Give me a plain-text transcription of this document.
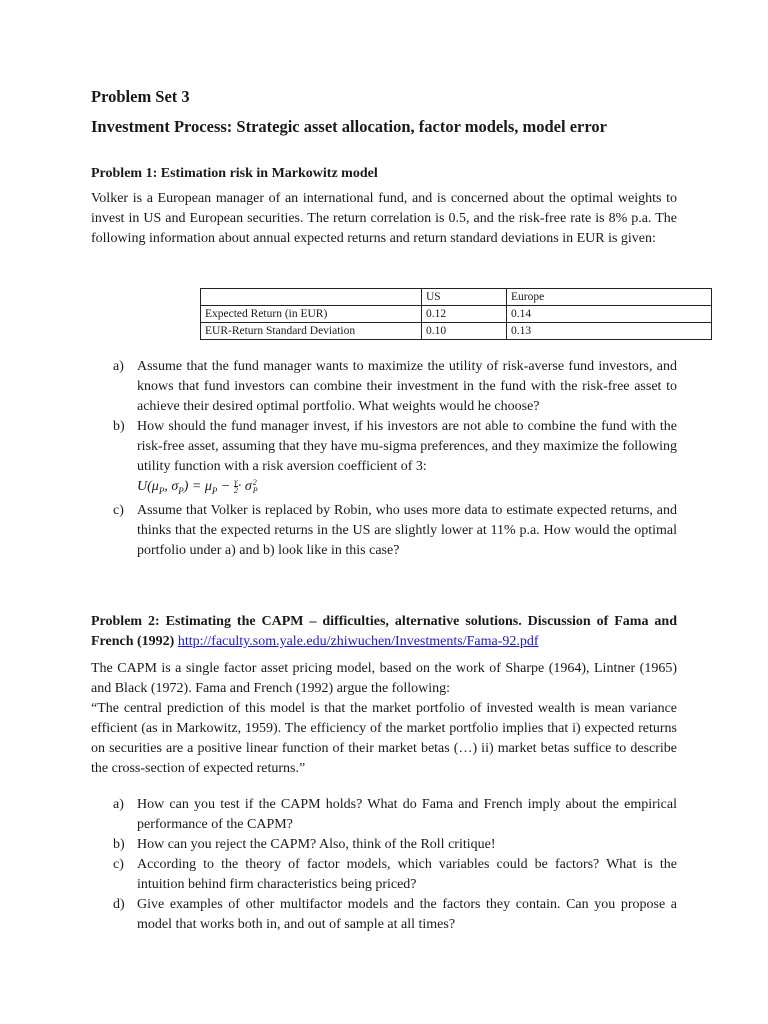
Problem Set 3
Investment Process: Strategic asset allocation, factor models, model error
Problem 1: Estimation risk in Markowitz model
Volker is a European manager of an international fund, and is concerned about the optimal weights to invest in US and European securities. The return correlation is 0.5, and the risk-free rate is 8% p.a. The following information about annual expected returns and return standard deviations in EUR is given:
	US	Europe
Expected Return (in EUR)	0.12	0.14
EUR-Return Standard Deviation	0.10	0.13
a) Assume that the fund manager wants to maximize the utility of risk-averse fund investors, and knows that fund investors can combine their investment in the fund with the risk-free asset to achieve their desired optimal portfolio. What weights would he choose?
b) How should the fund manager invest, if his investors are not able to combine the fund with the risk-free asset, assuming that they have mu-sigma preferences, and they maximize the following utility function with a risk aversion coefficient of 3:
$U(\mu_P$, $\sigma_P) = \mu_P - \frac{\gamma}{2} \cdot \sigma$ 2
P
c) Assume that Volker is replaced by Robin, who uses more data to estimate expected returns, and thinks that the expected returns in the US are slightly lower at 11% p.a. How would the optimal portfolio under a) and b) look like in this case?
Problem 2: Estimating the CAPM – difficulties, alternative solutions. Discussion of Fama and French (1992) http://faculty.som.yale.edu/zhiwuchen/Investments/Fama-92.pdf
The CAPM is a single factor asset pricing model, based on the work of Sharpe (1964), Lintner (1965) and Black (1972). Fama and French (1992) argue the following:
“The central prediction of this model is that the market portfolio of invested wealth is mean variance efficient (as in Markowitz, 1959). The efficiency of the market portfolio implies that i) expected returns on securities are a positive linear function of their market betas (…) ii) market betas suffice to describe the cross-section of expected returns.”
a) How can you test if the CAPM holds? What do Fama and French imply about the empirical performance of the CAPM?
b) How can you reject the CAPM? Also, think of the Roll critique!
c) According to the theory of factor models, which variables could be factors? What is the intuition behind firm characteristics being priced?
d) Give examples of other multifactor models and the factors they contain. Can you propose a model that works both in, and out of sample at all times?
